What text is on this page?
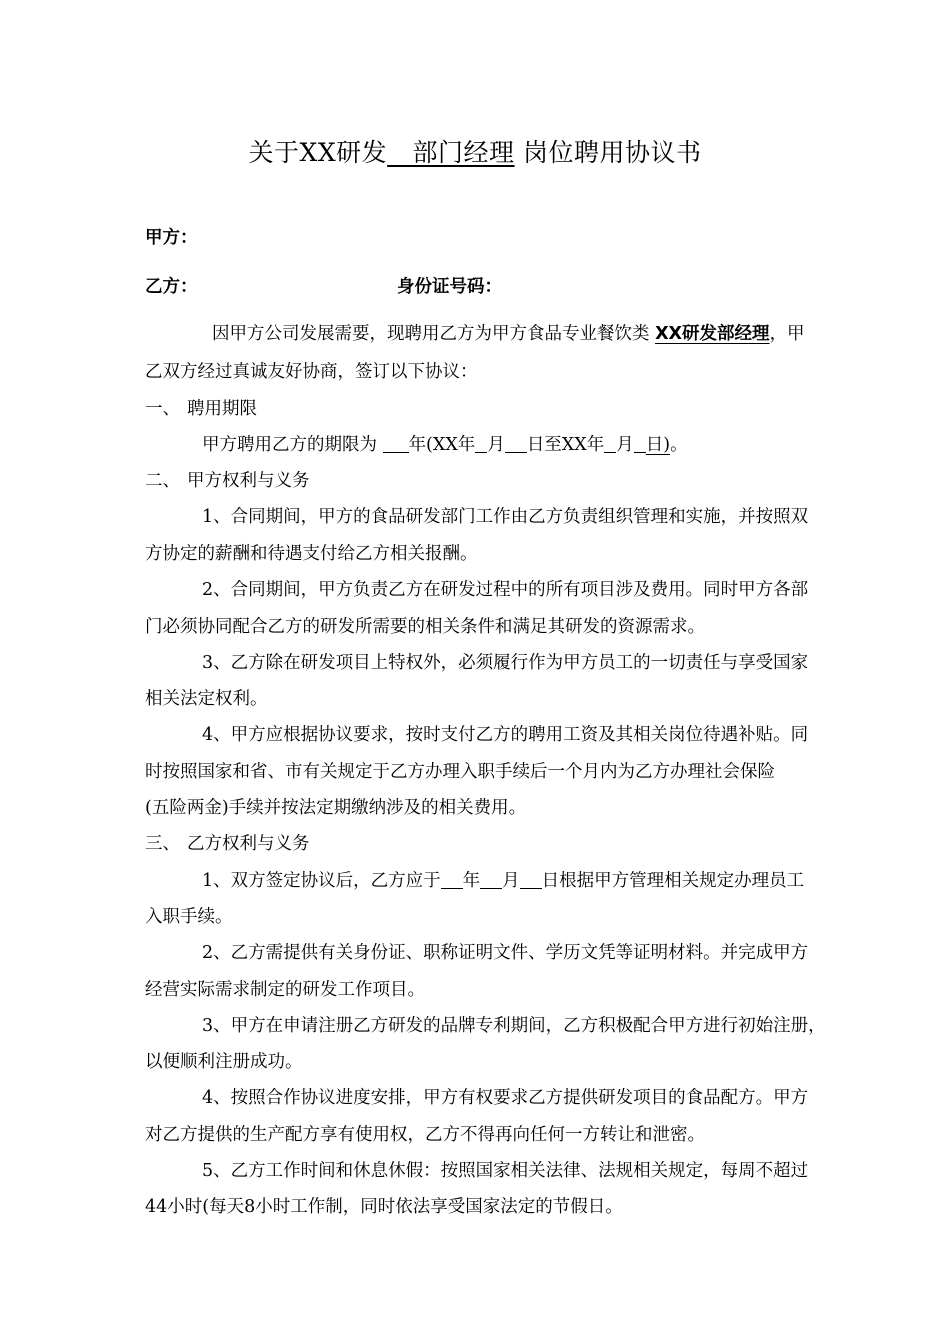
关于XX研发 部门经理 岗位聘用协议书
甲方：
乙方：	身份证号码：
因甲方公司发展需要，现聘用乙方为甲方食品专业餐饮类 XX研发部经理，甲
乙双方经过真诚友好协商，签订以下协议：
一、 聘用期限
甲方聘用乙方的期限为 年(XX年 月 日至XX年 月 日)。
二、 甲方权利与义务
1、合同期间，甲方的食品研发部门工作由乙方负责组织管理和实施，并按照双
方协定的薪酬和待遇支付给乙方相关报酬。
2、合同期间，甲方负责乙方在研发过程中的所有项目涉及费用。同时甲方各部
门必须协同配合乙方的研发所需要的相关条件和满足其研发的资源需求。
3、乙方除在研发项目上特权外，必须履行作为甲方员工的一切责任与享受国家
相关法定权利。
4、甲方应根据协议要求，按时支付乙方的聘用工资及其相关岗位待遇补贴。同
时按照国家和省、市有关规定于乙方办理入职手续后一个月内为乙方办理社会保险
(五险两金)手续并按法定期缴纳涉及的相关费用。
三、 乙方权利与义务
1、双方签定协议后，乙方应于 年 月 日根据甲方管理相关规定办理员工
入职手续。
2、乙方需提供有关身份证、职称证明文件、学历文凭等证明材料。并完成甲方
经营实际需求制定的研发工作项目。
3、甲方在申请注册乙方研发的品牌专利期间，乙方积极配合甲方进行初始注册，
以便顺利注册成功。
4、按照合作协议进度安排，甲方有权要求乙方提供研发项目的食品配方。甲方
对乙方提供的生产配方享有使用权，乙方不得再向任何一方转让和泄密。
5、乙方工作时间和休息休假：按照国家相关法律、法规相关规定，每周不超过
44小时(每天8小时工作制，同时依法享受国家法定的节假日。
